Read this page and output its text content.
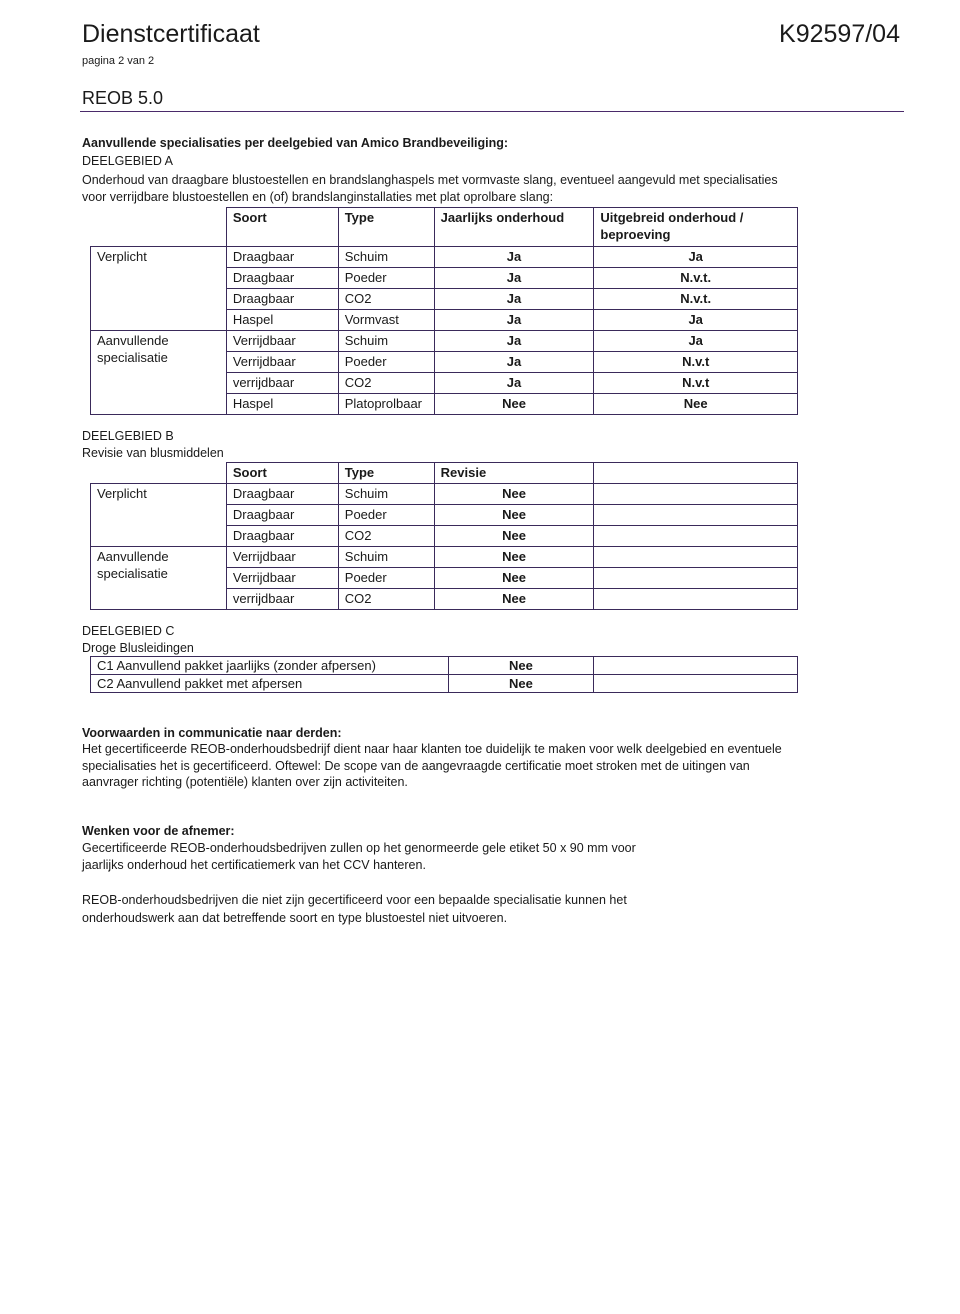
Dienstcertificaat	K92597/04
pagina 2 van 2
REOB 5.0
Aanvullende specialisaties per deelgebied van Amico Brandbeveiliging:
DEELGEBIED A
Onderhoud van draagbare blustoestellen en brandslanghaspels met vormvaste slang, eventueel aangevuld met specialisaties
voor verrijdbare blustoestellen en (of) brandslanginstallaties met plat oprolbare slang:
	Soort	Type	Jaarlijks onderhoud	Uitgebreid onderhoud / beproeving
Verplicht	Draagbaar	Schuim	Ja	Ja
	Draagbaar	Poeder	Ja	N.v.t.
	Draagbaar	CO2	Ja	N.v.t.
	Haspel	Vormvast	Ja	Ja
Aanvullende specialisatie	Verrijdbaar	Schuim	Ja	Ja
	Verrijdbaar	Poeder	Ja	N.v.t
	verrijdbaar	CO2	Ja	N.v.t
	Haspel	Platoprolbaar	Nee	Nee
DEELGEBIED B
Revisie van blusmiddelen
	Soort	Type	Revisie	
Verplicht	Draagbaar	Schuim	Nee	
	Draagbaar	Poeder	Nee	
	Draagbaar	CO2	Nee	
Aanvullende specialisatie	Verrijdbaar	Schuim	Nee	
	Verrijdbaar	Poeder	Nee	
	verrijdbaar	CO2	Nee	
DEELGEBIED C
Droge Blusleidingen
C1 Aanvullend pakket jaarlijks (zonder afpersen)	Nee	
C2 Aanvullend pakket met afpersen	Nee	
Voorwaarden in communicatie naar derden:
Het gecertificeerde REOB-onderhoudsbedrijf dient naar haar klanten toe duidelijk te maken voor welk deelgebied en eventuele
specialisaties het is gecertificeerd. Oftewel: De scope van de aangevraagde certificatie moet stroken met de uitingen van
aanvrager richting (potentiële) klanten over zijn activiteiten.
Wenken voor de afnemer:
Gecertificeerde REOB-onderhoudsbedrijven zullen op het genormeerde gele etiket 50 x 90 mm voor
jaarlijks onderhoud het certificatiemerk van het CCV hanteren.
REOB-onderhoudsbedrijven die niet zijn gecertificeerd voor een bepaalde specialisatie kunnen het
onderhoudswerk aan dat betreffende soort en type blustoestel niet uitvoeren.
